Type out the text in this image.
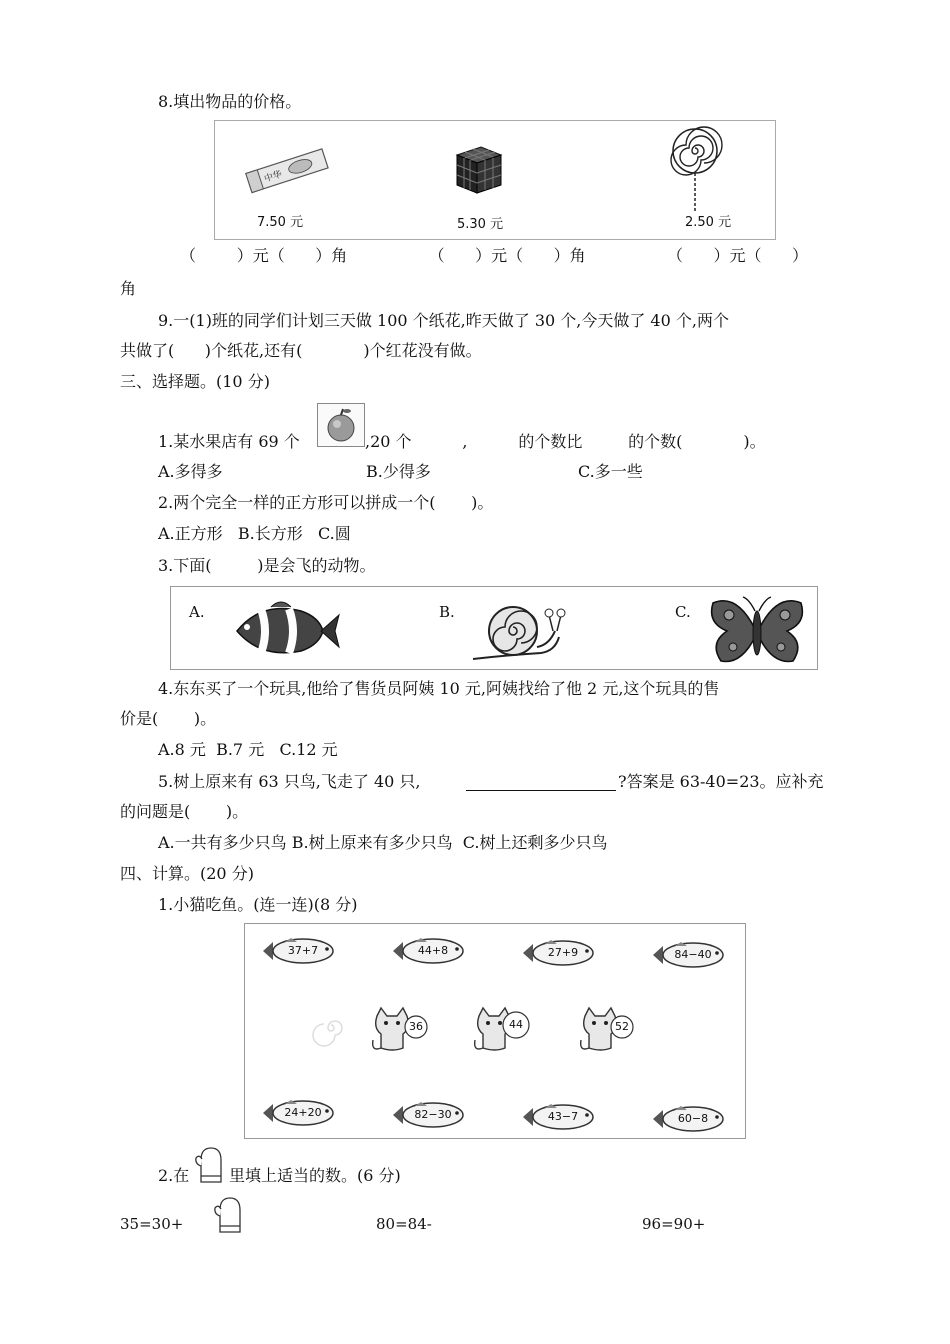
8.填出物品的价格。
中华
7.50 元	5.30 元	2.50 元
（        ）元（      ）角                （      ）元（      ）角                （      ）元（      ）
角
9.一(1)班的同学们计划三天做 100 个纸花,昨天做了 30 个,今天做了 40 个,两个
共做了(      )个纸花,还有(            )个红花没有做。
三、选择题。(10 分)
1.某水果店有 69 个	,20 个          ,          的个数比         的个数(            )。
A.多得多	B.少得多	C.多一些
2.两个完全一样的正方形可以拼成一个(       )。
A.正方形   B.长方形   C.圆
3.下面(         )是会飞的动物。
A.	B.	C.
4.东东买了一个玩具,他给了售货员阿姨 10 元,阿姨找给了他 2 元,这个玩具的售
价是(       )。
A.8 元  B.7 元   C.12 元
5.树上原来有 63 只鸟,飞走了 40 只,	?答案是 63-40=23。应补充
的问题是(       )。
A.一共有多少只鸟 B.树上原来有多少只鸟  C.树上还剩多少只鸟
四、计算。(20 分)
1.小猫吃鱼。(连一连)(8 分)
37+7	44+8	27+9	84−40
36	44	52
24+20	82−30	43−7	60−8
2.在 里填上适当的数。(6 分)
35=30+	80=84-	96=90+
